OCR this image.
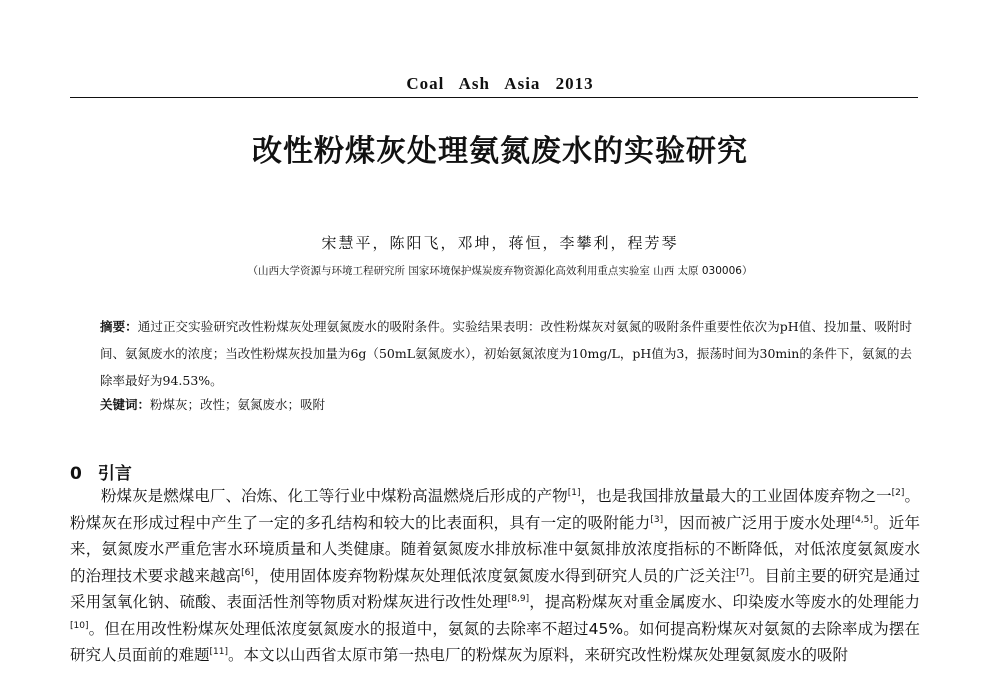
Coal Ash Asia 2013
改性粉煤灰处理氨氮废水的实验研究
宋慧平，陈阳飞，邓坤，蒋恒，李攀利，程芳琴
（山西大学资源与环境工程研究所 国家环境保护煤炭废弃物资源化高效利用重点实验室 山西 太原 030006）
摘要：通过正交实验研究改性粉煤灰处理氨氮废水的吸附条件。实验结果表明：改性粉煤灰对氨氮的吸附条件重要性依次为pH值、投加量、吸附时间、氨氮废水的浓度；当改性粉煤灰投加量为6g（50mL氨氮废水），初始氨氮浓度为10mg/L，pH值为3，振荡时间为30min的条件下，氨氮的去除率最好为94.53%。
关键词：粉煤灰；改性；氨氮废水；吸附
0 引言

粉煤灰是燃煤电厂、冶炼、化工等行业中煤粉高温燃烧后形成的产物[1]，也是我国排放量最大的工业固体废弃物之一[2]。粉煤灰在形成过程中产生了一定的多孔结构和较大的比表面积，具有一定的吸附能力[3]，因而被广泛用于废水处理[4,5]。近年来，氨氮废水严重危害水环境质量和人类健康。随着氨氮废水排放标准中氨氮排放浓度指标的不断降低，对低浓度氨氮废水的治理技术要求越来越高[6]，使用固体废弃物粉煤灰处理低浓度氨氮废水得到研究人员的广泛关注[7]。目前主要的研究是通过采用氢氧化钠、硫酸、表面活性剂等物质对粉煤灰进行改性处理[8,9]，提高粉煤灰对重金属废水、印染废水等废水的处理能力[10]。但在用改性粉煤灰处理低浓度氨氮废水的报道中，氨氮的去除率不超过45%。如何提高粉煤灰对氨氮的去除率成为摆在研究人员面前的难题[11]。本文以山西省太原市第一热电厂的粉煤灰为原料，来研究改性粉煤灰处理氨氮废水的吸附
